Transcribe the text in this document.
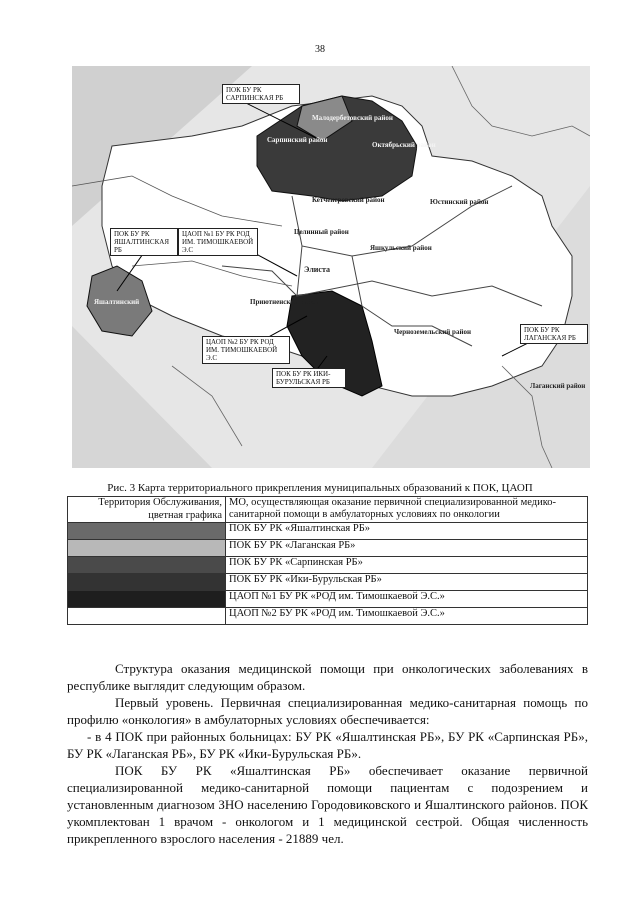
38
ПОК БУ РК САРПИНСКАЯ РБ
ПОК БУ РК ЯШАЛТИНСКАЯ РБ
ЦАОП №1 БУ РК РОД ИМ. ТИМОШКАЕВОЙ Э.С
ЦАОП №2 БУ РК РОД ИМ. ТИМОШКАЕВОЙ Э.С
ПОК БУ РК ИКИ-БУРУЛЬСКАЯ РБ
ПОК БУ РК ЛАГАНСКАЯ РБ
Малодербетовский район
Сарпинский район
Октябрьский район
Кетченеровский район	Юстинский район
Целинный район
Яшкульский район
Элиста
Приютненский район
Черноземельский район
Яшалтинский
Лаганский район
Рис. 3 Карта территориального прикрепления муниципальных образований к ПОК, ЦАОП
Территория Обслуживания, цветная графика	МО, осуществляющая оказание первичной специализированной медико-санитарной помощи в амбулаторных условиях по онкологии

	ПОК БУ РК «Яшалтинская РБ»

	ПОК БУ РК «Лаганская РБ»

	ПОК БУ РК «Сарпинская РБ»

	ПОК БУ РК «Ики-Бурульская РБ»

	ЦАОП №1 БУ РК «РОД им. Тимошкаевой Э.С.»

	ЦАОП №2 БУ РК «РОД им. Тимошкаевой Э.С.»

Структура оказания медицинской помощи при онкологических заболеваниях в республике выглядит следующим образом.

Первый уровень. Первичная специализированная медико-санитарная помощь по профилю «онкология» в амбулаторных условиях обеспечивается:

- в 4 ПОК при районных больницах: БУ РК «Яшалтинская РБ», БУ РК «Сарпинская РБ», БУ РК «Лаганская РБ», БУ РК «Ики-Бурульская РБ».

ПОК БУ РК «Яшалтинская РБ» обеспечивает оказание первичной специализированной медико-санитарной помощи пациентам с подозрением и установленным диагнозом ЗНО населению Городовиковского и Яшалтинского районов. ПОК укомплектован 1 врачом - онкологом и 1 медицинской сестрой. Общая численность прикрепленного взрослого населения - 21889 чел.
